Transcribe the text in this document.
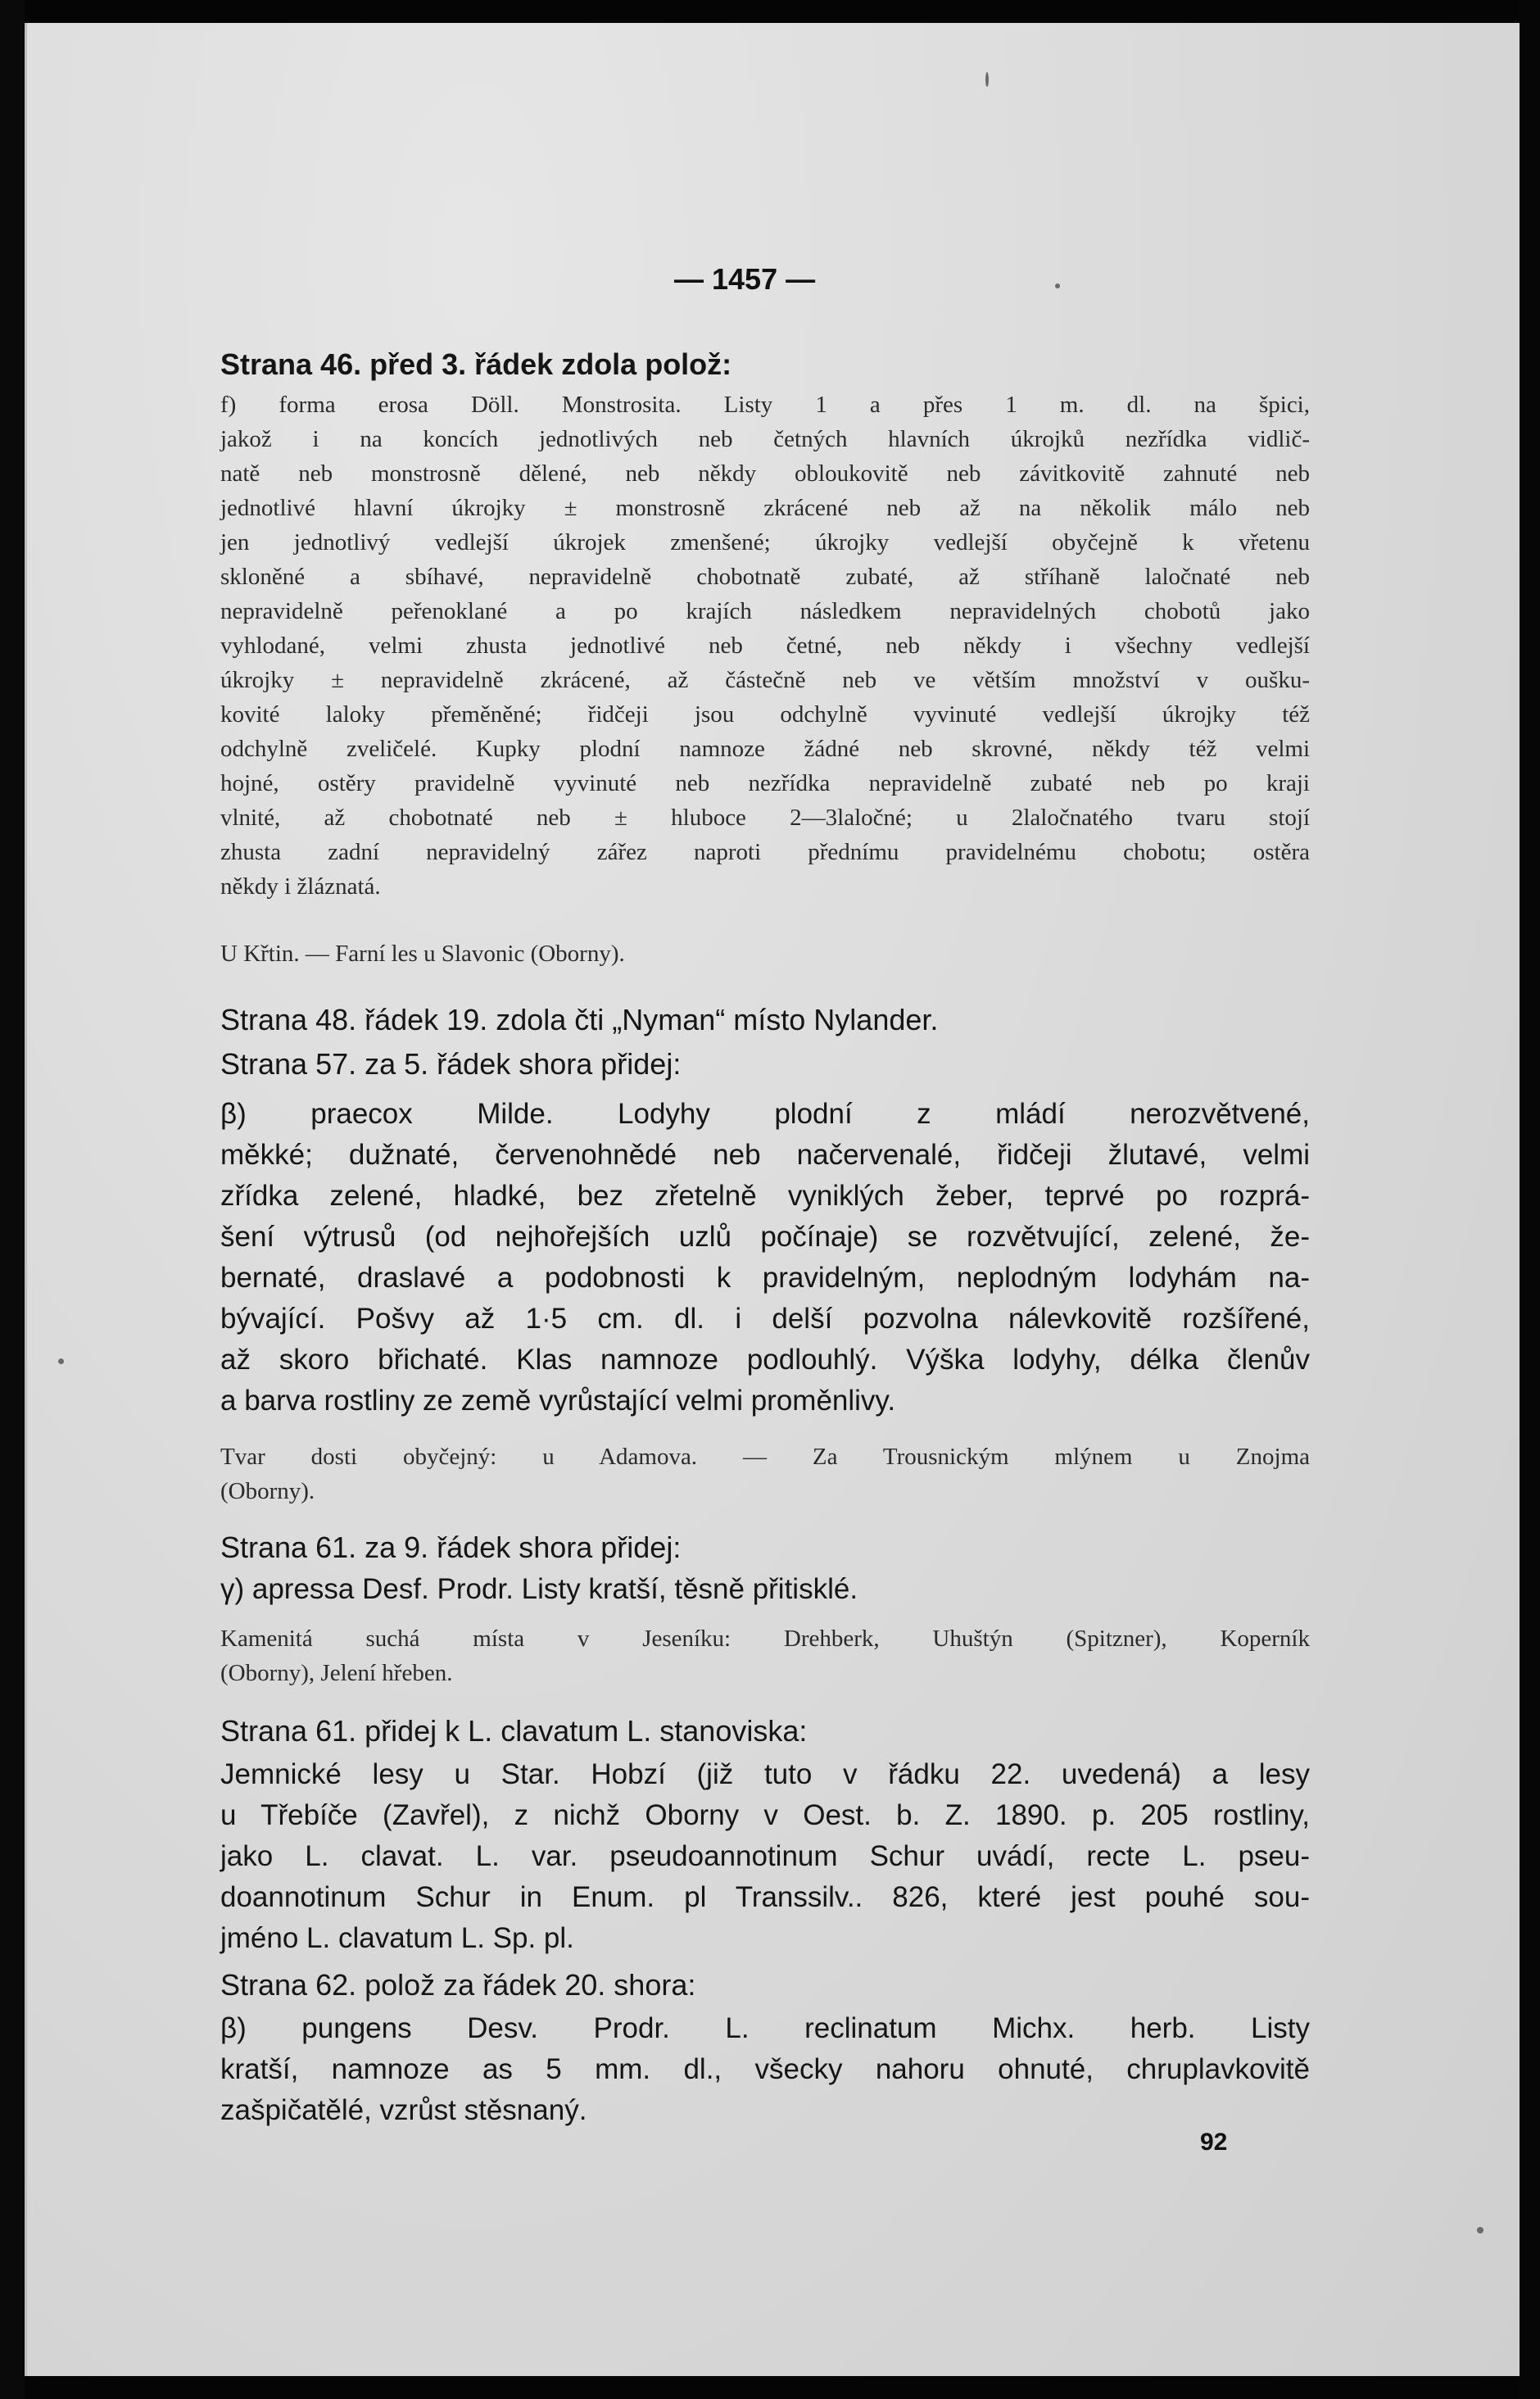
— 1457 —
Strana 46. před 3. řádek zdola polož:
f) forma erosa Döll. Monstrosita. Listy 1 a přes 1 m. dl. na špici,
jakož i na koncích jednotlivých neb četných hlavních úkrojků nezřídka vidlič-
natě neb monstrosně dělené, neb někdy obloukovitě neb závitkovitě zahnuté neb
jednotlivé hlavní úkrojky ± monstrosně zkrácené neb až na několik málo neb
jen jednotlivý vedlejší úkrojek zmenšené; úkrojky vedlejší obyčejně k vřetenu
skloněné a sbíhavé, nepravidelně chobotnatě zubaté, až stříhaně laločnaté neb
nepravidelně peřenoklané a po krajích následkem nepravidelných chobotů jako
vyhlodané, velmi zhusta jednotlivé neb četné, neb někdy i všechny vedlejší
úkrojky ± nepravidelně zkrácené, až částečně neb ve větším množství v oušku-
kovité laloky přeměněné; řidčeji jsou odchylně vyvinuté vedlejší úkrojky též
odchylně zveličelé. Kupky plodní namnoze žádné neb skrovné, někdy též velmi
hojné, ostěry pravidelně vyvinuté neb nezřídka nepravidelně zubaté neb po kraji
vlnité, až chobotnaté neb ± hluboce 2—3laločné; u 2laločnatého tvaru stojí
zhusta zadní nepravidelný zářez naproti přednímu pravidelnému chobotu; ostěra
někdy i žláznatá.
U Křtin. — Farní les u Slavonic (Oborny).
Strana 48. řádek 19. zdola čti „Nyman“ místo Nylander.
Strana 57. za 5. řádek shora přidej:
β) praecox Milde. Lodyhy plodní z mládí nerozvětvené,
měkké; dužnaté, červenohnědé neb načervenalé, řidčeji žlutavé, velmi
zřídka zelené, hladké, bez zřetelně vyniklých žeber, teprvé po rozprá-
šení výtrusů (od nejhořejších uzlů počínaje) se rozvětvující, zelené, že-
bernaté, draslavé a podobnosti k pravidelným, neplodným lodyhám na-
bývající. Pošvy až 1·5 cm. dl. i delší pozvolna nálevkovitě rozšířené,
až skoro břichaté. Klas namnoze podlouhlý. Výška lodyhy, délka členův
a barva rostliny ze země vyrůstající velmi proměnlivy.
Tvar dosti obyčejný: u Adamova. — Za Trousnickým mlýnem u Znojma
(Oborny).
Strana 61. za 9. řádek shora přidej:
γ) apressa Desf. Prodr. Listy kratší, těsně přitisklé.
Kamenitá suchá místa v Jeseníku: Drehberk, Uhuštýn (Spitzner), Koperník
(Oborny), Jelení hřeben.
Strana 61. přidej k L. clavatum L. stanoviska:
Jemnické lesy u Star. Hobzí (již tuto v řádku 22. uvedená) a lesy
u Třebíče (Zavřel), z nichž Oborny v Oest. b. Z. 1890. p. 205 rostliny,
jako L. clavat. L. var. pseudoannotinum Schur uvádí, recte L. pseu-
doannotinum Schur in Enum. pl Transsilv.. 826, které jest pouhé sou-
jméno L. clavatum L. Sp. pl.
Strana 62. polož za řádek 20. shora:
β) pungens Desv. Prodr. L. reclinatum Michx. herb. Listy
kratší, namnoze as 5 mm. dl., všecky nahoru ohnuté, chruplavkovitě
zašpičatělé, vzrůst stěsnaný.
92
